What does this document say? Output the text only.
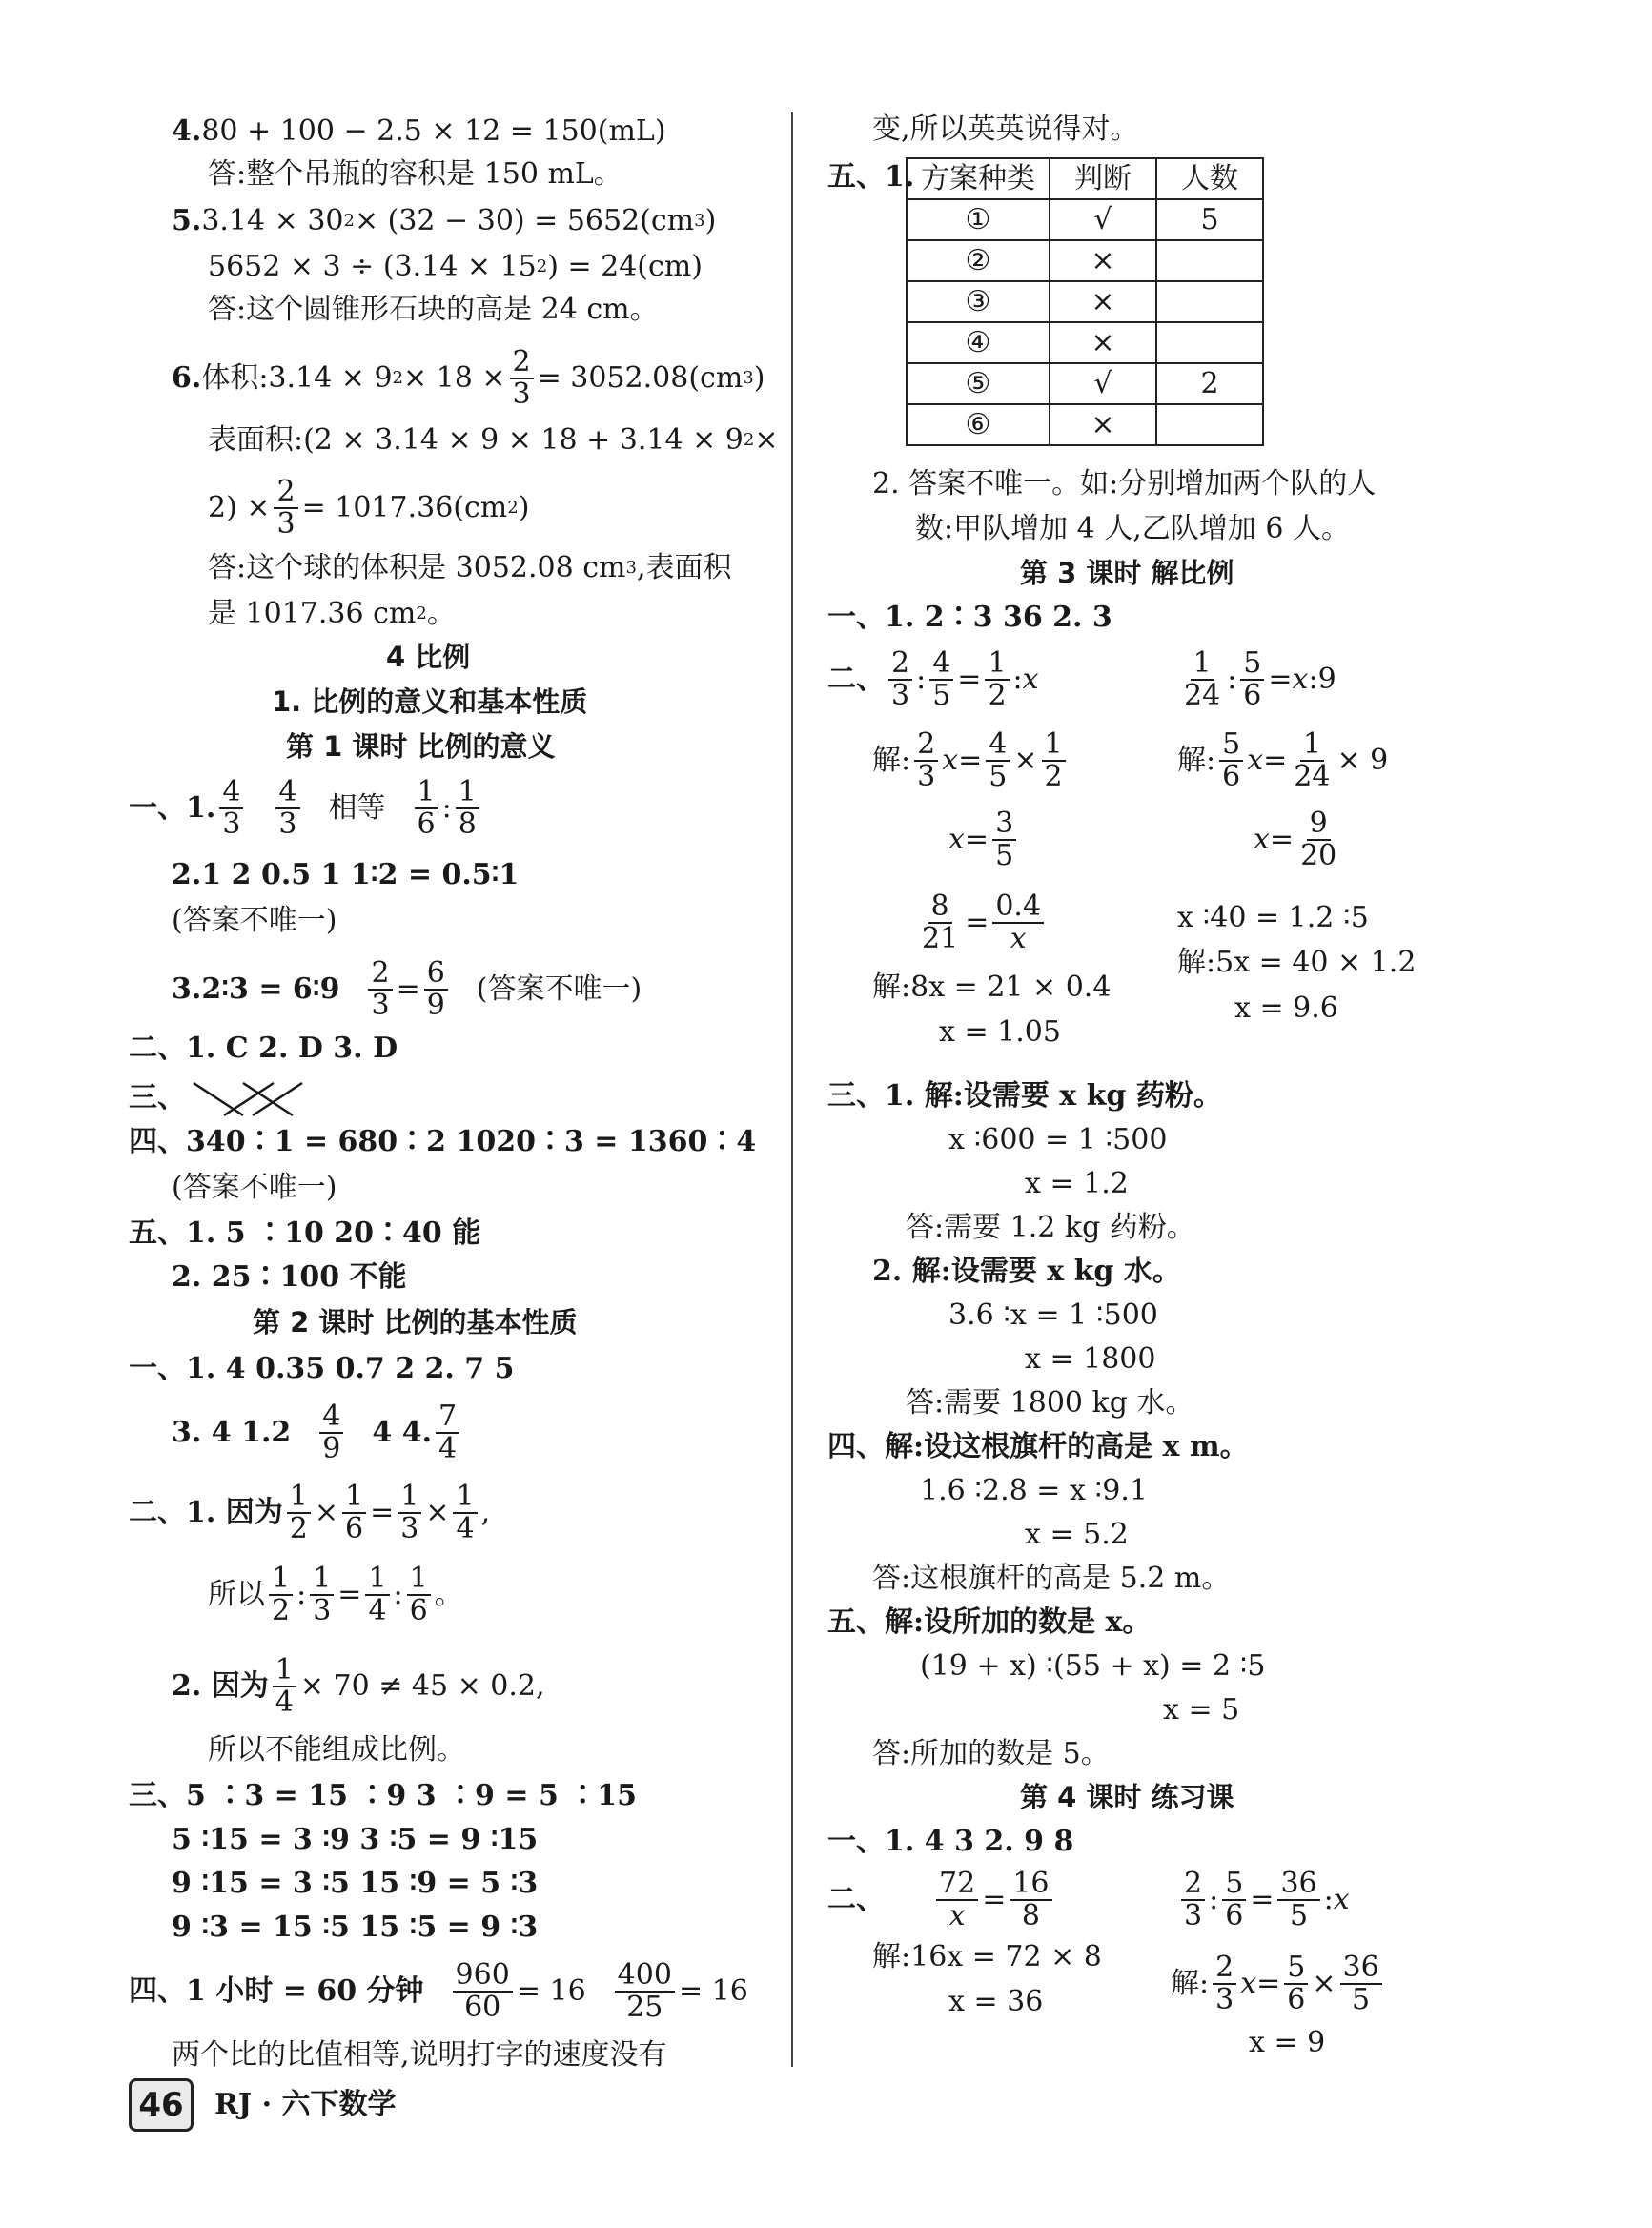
4. 80 + 100 − 2.5 × 12 = 150(mL)
答:整个吊瓶的容积是 150 mL。
5. 3.14 × 30 2 × (32 − 30) = 5652(cm 3 )
5652 × 3 ÷ (3.14 × 15 2 ) = 24(cm)
答:这个圆锥形石块的高是 24 cm。
6. 体积:3.14 × 9 $2 \times 18 \times \frac{2}{3} = 3052.08(cm$ 3 )
表面积:(2 × 3.14 × 9 × 18 + 3.14 × 9 2 ×
$2) \times \frac{2}{3} = 1017.36(cm$ 2 )
答:这个球的体积是 3052.08 cm 3 ,表面积
是 1017.36 cm 2 。
4 比例
1. 比例的意义和基本性质
第 1 课时 比例的意义
一、1. $\frac{4}{3} \frac{4}{3}$ 相等 $\frac{1}{6}$ : $\frac{1}{8}$
2.1 2 0.5 1 1∶2 = 0.5∶1
(答案不唯一)
3.2∶3 = 6∶9 $\frac{2}{3} = \frac{6}{9}$ (答案不唯一)
二、1. C 2. D 3. D
三、
四、340∶1 = 680∶2 1020∶3 = 1360∶4
(答案不唯一)
五、1. 5 ∶10 20∶40 能
2. 25∶100 不能
第 2 课时 比例的基本性质
一、1. 4 0.35 0.7 2 2. 7 5
3. 4 $1.2 \frac{4}{9} 4$ 4. $\frac{7}{4}$
二、1. 因为 $\frac{1}{2} \times \frac{1}{6} = \frac{1}{3} \times \frac{1}{4}$ ,
所以 $\frac{1}{2}$ : $\frac{1}{3} = \frac{1}{4}$ : $\frac{1}{6}$ 。
2. 因为 $\frac{1}{4} \times 70 \ne 45 \times 0.2$,
所以不能组成比例。
三、5 ∶3 = 15 ∶9 3 ∶9 = 5 ∶15
5 ∶15 = 3 ∶9 3 ∶5 = 9 ∶15
9 ∶15 = 3 ∶5 15 ∶9 = 5 ∶3
9 ∶3 = 15 ∶5 15 ∶5 = 9 ∶3
四、1 小时 = 60 分钟 $\frac{960}{60} = 16 \frac{400}{25} = 16$
两个比的比值相等,说明打字的速度没有
变,所以英英说得对。
五、1. 方案种类	判断	人数
①	√	5
②	×	
③	×	
④	×	
⑤	√	2
⑥	×	
2. 答案不唯一。如:分别增加两个队的人
数:甲队增加 4 人,乙队增加 6 人。
第 3 课时 解比例
一、1. 2∶3 36 2. 3
二、 $\frac{2}{3}$ : $\frac{4}{5} = \frac{1}{2}$ : x	$\frac{1}{24}$ : $\frac{5}{6} = x$ : 9
解: $\frac{2}{3}$ $x = \frac{4}{5} \times \frac{1}{2}$	解: $\frac{5}{6}$ $x = \frac{1}{24} \times 9$
$x = \frac{3}{5}$	$x = \frac{9}{20}$
$\frac{8}{21} = \frac{0.4}{x}$	x ∶40 = 1.2 ∶5
解:8x = 21 × 0.4
解:5x = 40 × 1.2
x = 1.05
x = 9.6
三、1. 解:设需要 x kg 药粉。
x ∶600 = 1 ∶500
x = 1.2
答:需要 1.2 kg 药粉。
2. 解:设需要 x kg 水。
3.6 ∶x = 1 ∶500
x = 1800
答:需要 1800 kg 水。
四、解:设这根旗杆的高是 x m。
1.6 ∶2.8 = x ∶9.1
x = 5.2
答:这根旗杆的高是 5.2 m。
五、解:设所加的数是 x。
(19 + x) ∶(55 + x) = 2 ∶5
x = 5
答:所加的数是 5。
第 4 课时 练习课
一、1. 4 3 2. 9 8
二、 $\frac{72}{x} = \frac{16}{8}$	$\frac{2}{3}$ : $\frac{5}{6} = \frac{36}{5}$ : x
解:16x = 72 × 8
解: $\frac{2}{3}$ $x = \frac{5}{6} \times \frac{36}{5}$
x = 36
x = 9
46	RJ · 六下数学
